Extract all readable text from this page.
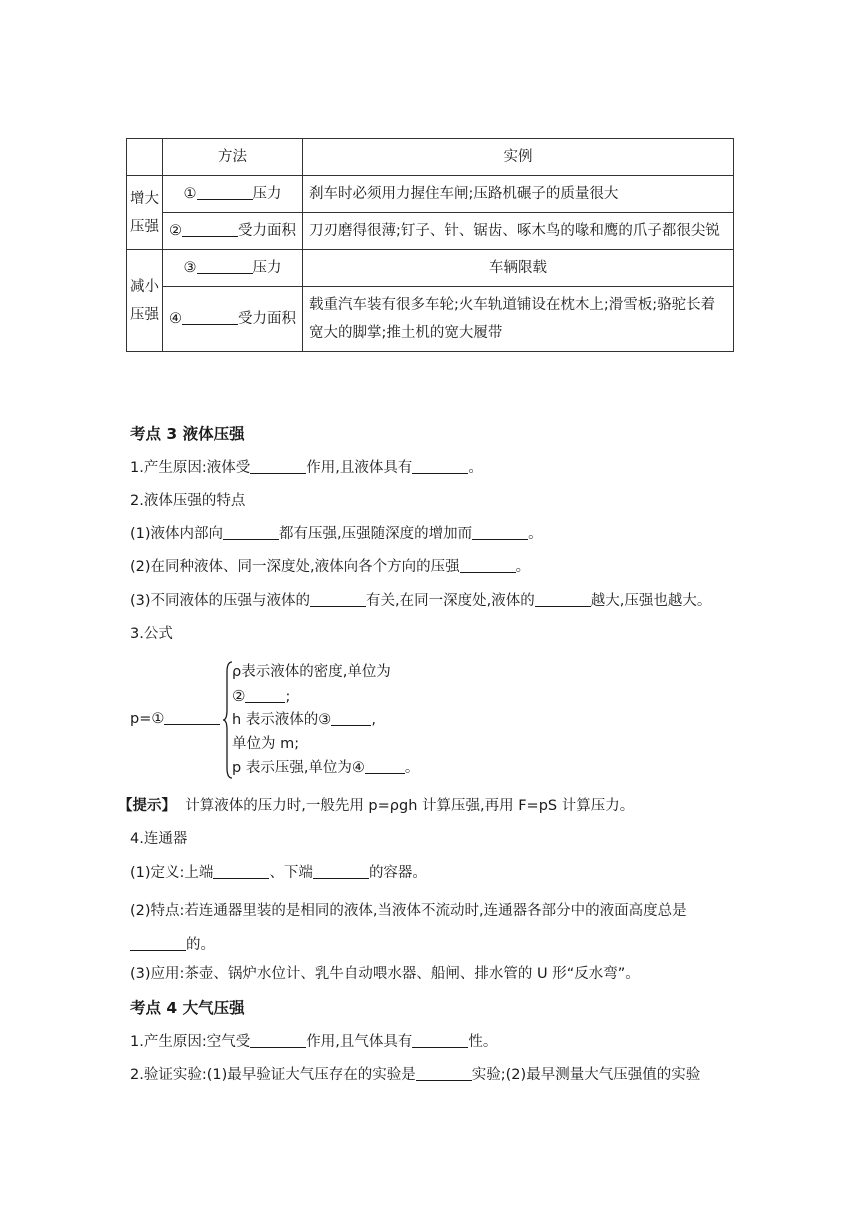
	方法	实例
增大压强	① 压力	刹车时必须用力握住车闸;压路机碾子的质量很大
	② 受力面积	刀刃磨得很薄;钉子、针、锯齿、啄木鸟的喙和鹰的爪子都很尖锐
减小压强	③ 压力	车辆限载
	④ 受力面积	载重汽车装有很多车轮;火车轨道铺设在枕木上;滑雪板;骆驼长着宽大的脚掌;推土机的宽大履带
考点 3 液体压强
1.产生原因:液体受	作用,且液体具有	。
2.液体压强的特点
(1)液体内部向	都有压强,压强随深度的增加而	。
(2)在同种液体、同一深度处,液体向各个方向的压强	。
(3)不同液体的压强与液体的	有关,在同一深度处,液体的	越大,压强也越大。
3.公式
p=①
ρ表示液体的密度,单位为
②	;
h 表示液体的③	,
单位为 m;
p 表示压强,单位为④	。
【提示】 计算液体的压力时,一般先用 p=ρgh 计算压强,再用 F=pS 计算压力。
4.连通器
(1)定义:上端	、下端	的容器。
(2)特点:若连通器里装的是相同的液体,当液体不流动时,连通器各部分中的液面高度总是的。
(3)应用:茶壶、锅炉水位计、乳牛自动喂水器、船闸、排水管的 U 形“反水弯”。
考点 4 大气压强
1.产生原因:空气受	作用,且气体具有	性。
2.验证实验:(1)最早验证大气压存在的实验是	实验;(2)最早测量大气压强值的实验
